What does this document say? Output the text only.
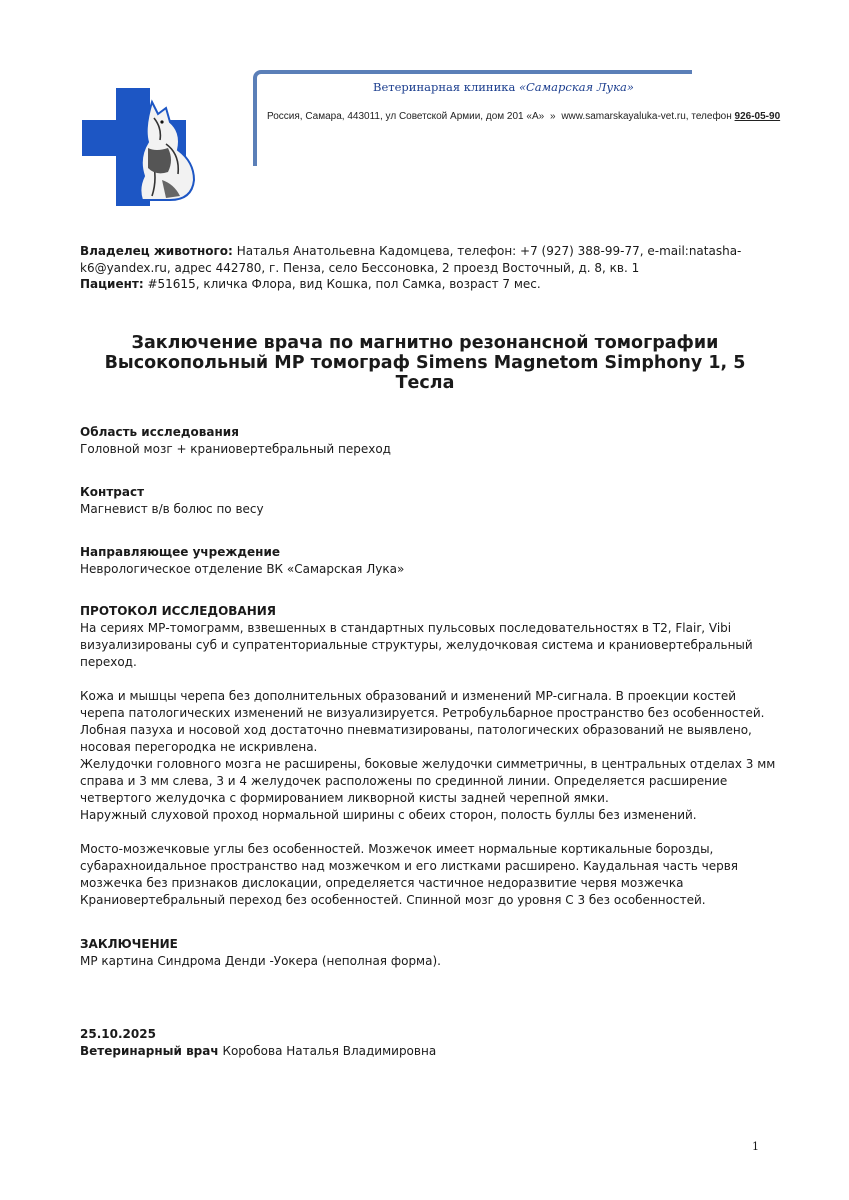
Ветеринарная клиника «Самарская Лука»
Россия, Самара, 443011, ул Советской Армии, дом 201 «А» » www.samarskayaluka-vet.ru, телефон 926-05-90
Владелец животного: Наталья Анатольевна Кадомцева, телефон: +7 (927) 388-99-77, e-mail:natasha-k6@yandex.ru, адрес 442780, г. Пенза, село Бессоновка, 2 проезд Восточный, д. 8, кв. 1
Пациент: #51615, кличка Флора, вид Кошка, пол Самка, возраст 7 мес.
Заключение врача по магнитно резонансной томографии
Высокопольный МР томограф Simens Magnetom Simphony 1, 5 Тесла
Область исследования
Головной мозг + краниовертебральный переход
Контраст
Магневист в/в болюс по весу
Направляющее учреждение
Неврологическое отделение ВК «Самарская Лука»
ПРОТОКОЛ ИССЛЕДОВАНИЯ

На сериях МР-томограмм, взвешенных в стандартных пульсовых последовательностях в Т2, Flair, Vibi визуализированы суб и супратенториальные структуры, желудочковая система и краниовертебральный переход.

Кожа и мышцы черепа без дополнительных образований и изменений МР-сигнала. В проекции костей черепа патологических изменений не визуализируется. Ретробульбарное пространство без особенностей. Лобная пазуха и носовой ход достаточно пневматизированы, патологических образований не выявлено, носовая перегородка не искривлена.

Желудочки головного мозга не расширены, боковые желудочки симметричны, в центральных отделах 3 мм справа и 3 мм слева, 3 и 4 желудочек расположены по срединной линии. Определяется расширение четвертого желудочка с формированием ликворной кисты задней черепной ямки.

Наружный слуховой проход нормальной ширины с обеих сторон, полость буллы без изменений.

Мосто-мозжечковые углы без особенностей. Мозжечок имеет нормальные кортикальные борозды, субарахноидальное пространство над мозжечком и его листками расширено. Каудальная часть червя мозжечка без признаков дислокации, определяется частичное недоразвитие червя мозжечка Краниовертебральный переход без особенностей. Спинной мозг до уровня С 3 без особенностей.

ЗАКЛЮЧЕНИЕ
МР картина Синдрома Денди -Уокера (неполная форма).
25.10.2025
Ветеринарный врач Коробова Наталья Владимировна
1
